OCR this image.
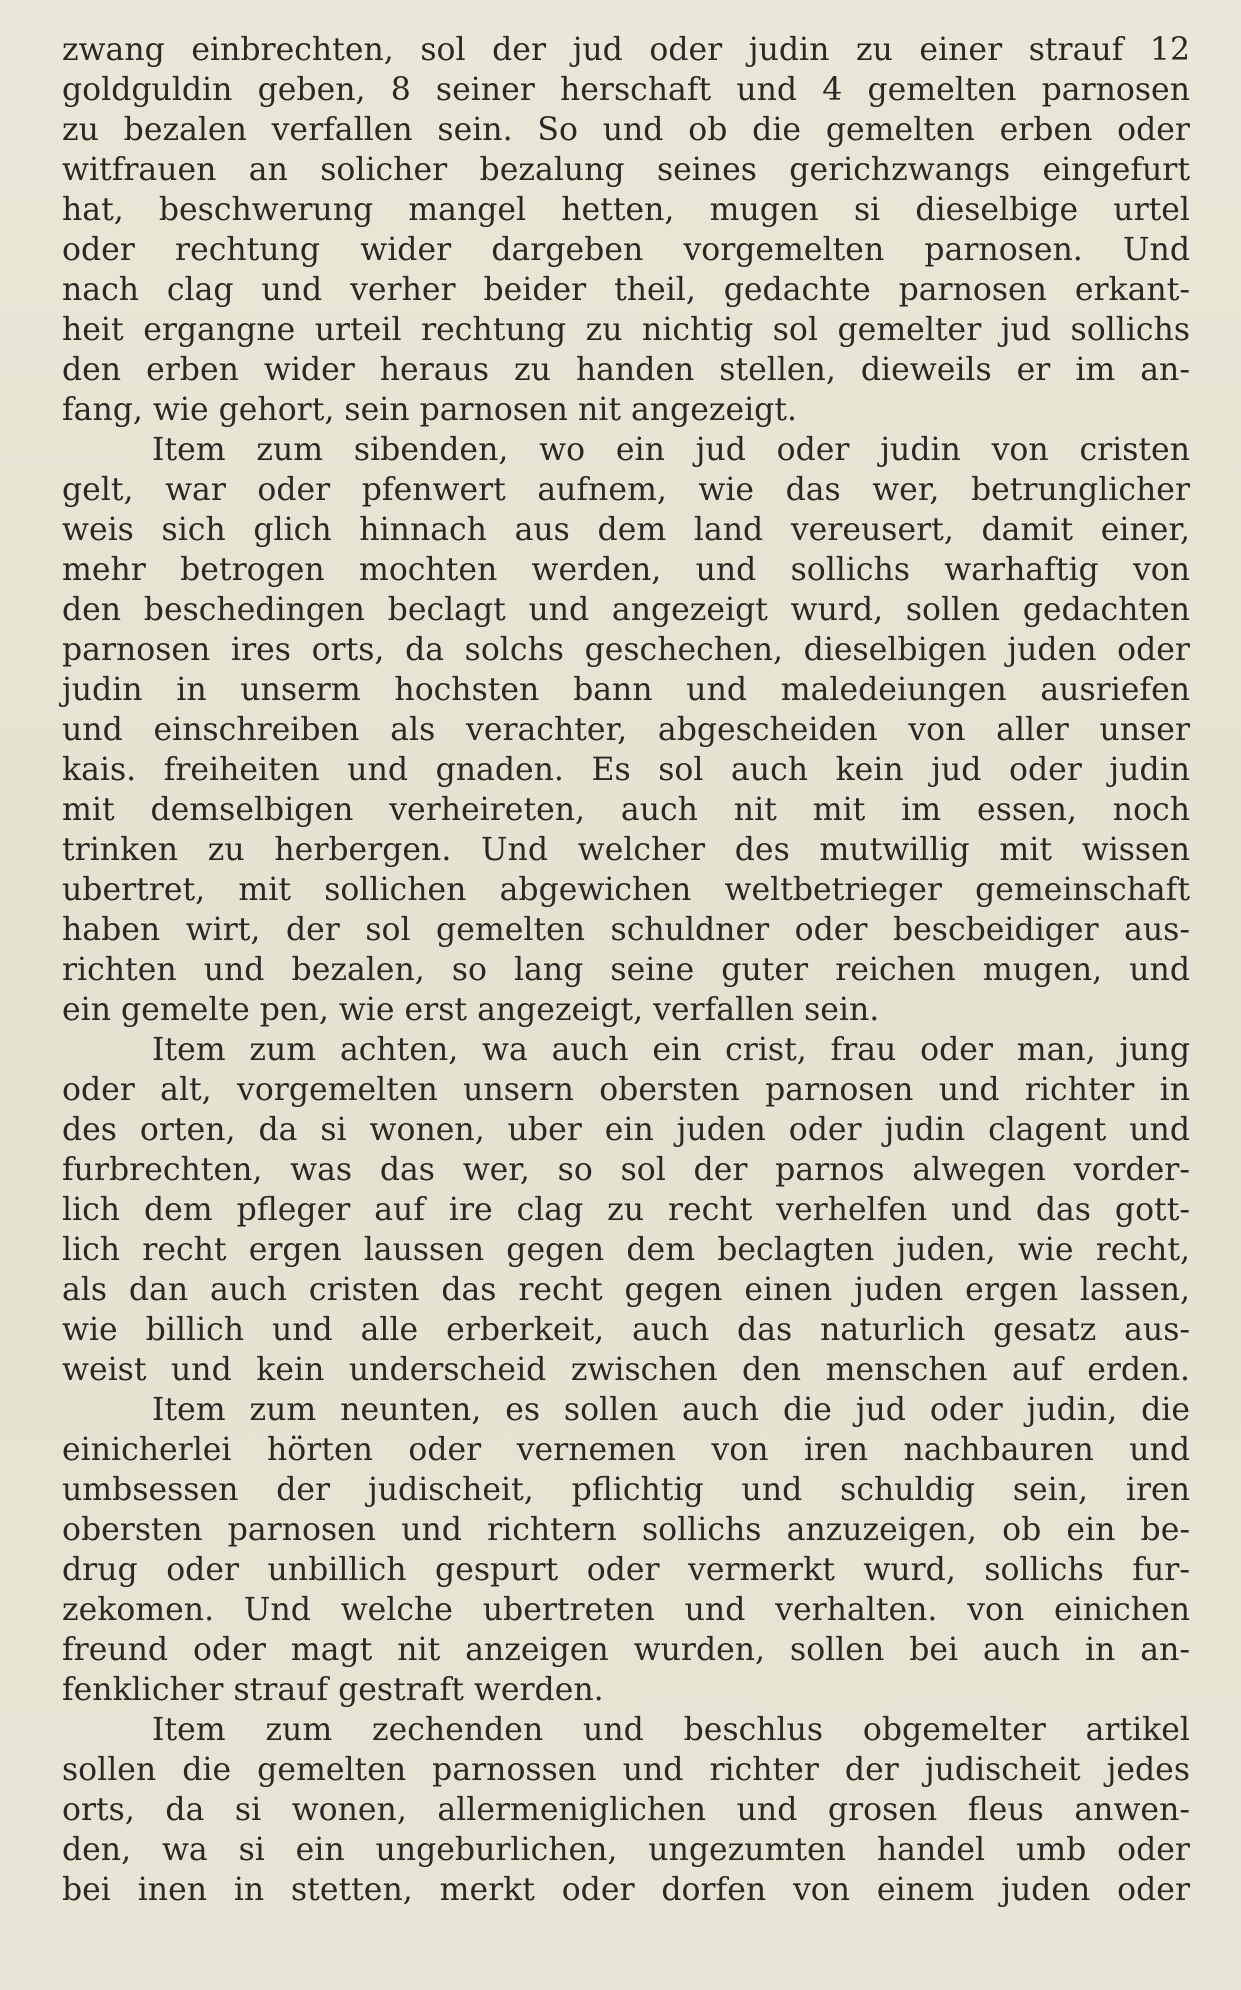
zwang einbrechten, sol der jud oder judin zu einer strauf 12
goldguldin geben, 8 seiner herschaft und 4 gemelten parnosen
zu bezalen verfallen sein. So und ob die gemelten erben oder
witfrauen an solicher bezalung seines gerichzwangs eingefurt
hat, beschwerung mangel hetten, mugen si dieselbige urtel
oder rechtung wider dargeben vorgemelten parnosen. Und
nach clag und verher beider theil, gedachte parnosen erkant-
heit ergangne urteil rechtung zu nichtig sol gemelter jud sollichs
den erben wider heraus zu handen stellen, dieweils er im an-
fang, wie gehort, sein parnosen nit angezeigt.
Item zum sibenden, wo ein jud oder judin von cristen
gelt, war oder pfenwert aufnem, wie das wer, betrunglicher
weis sich glich hinnach aus dem land vereusert, damit einer,
mehr betrogen mochten werden, und sollichs warhaftig von
den beschedingen beclagt und angezeigt wurd, sollen gedachten
parnosen ires orts, da solchs geschechen, dieselbigen juden oder
judin in unserm hochsten bann und maledeiungen ausriefen
und einschreiben als verachter, abgescheiden von aller unser
kais. freiheiten und gnaden. Es sol auch kein jud oder judin
mit demselbigen verheireten, auch nit mit im essen, noch
trinken zu herbergen. Und welcher des mutwillig mit wissen
ubertret, mit sollichen abgewichen weltbetrieger gemeinschaft
haben wirt, der sol gemelten schuldner oder bescbeidiger aus-
richten und bezalen, so lang seine guter reichen mugen, und
ein gemelte pen, wie erst angezeigt, verfallen sein.
Item zum achten, wa auch ein crist, frau oder man, jung
oder alt, vorgemelten unsern obersten parnosen und richter in
des orten, da si wonen, uber ein juden oder judin clagent und
furbrechten, was das wer, so sol der parnos alwegen vorder-
lich dem pfleger auf ire clag zu recht verhelfen und das gott-
lich recht ergen laussen gegen dem beclagten juden, wie recht,
als dan auch cristen das recht gegen einen juden ergen lassen,
wie billich und alle erberkeit, auch das naturlich gesatz aus-
weist und kein underscheid zwischen den menschen auf erden.
Item zum neunten, es sollen auch die jud oder judin, die
einicherlei hörten oder vernemen von iren nachbauren und
umbsessen der judischeit, pflichtig und schuldig sein, iren
obersten parnosen und richtern sollichs anzuzeigen, ob ein be-
drug oder unbillich gespurt oder vermerkt wurd, sollichs fur-
zekomen. Und welche ubertreten und verhalten. von einichen
freund oder magt nit anzeigen wurden, sollen bei auch in an-
fenklicher strauf gestraft werden.
Item zum zechenden und beschlus obgemelter artikel
sollen die gemelten parnossen und richter der judischeit jedes
orts, da si wonen, allermeniglichen und grosen fleus anwen-
den, wa si ein ungeburlichen, ungezumten handel umb oder
bei inen in stetten, merkt oder dorfen von einem juden oder
